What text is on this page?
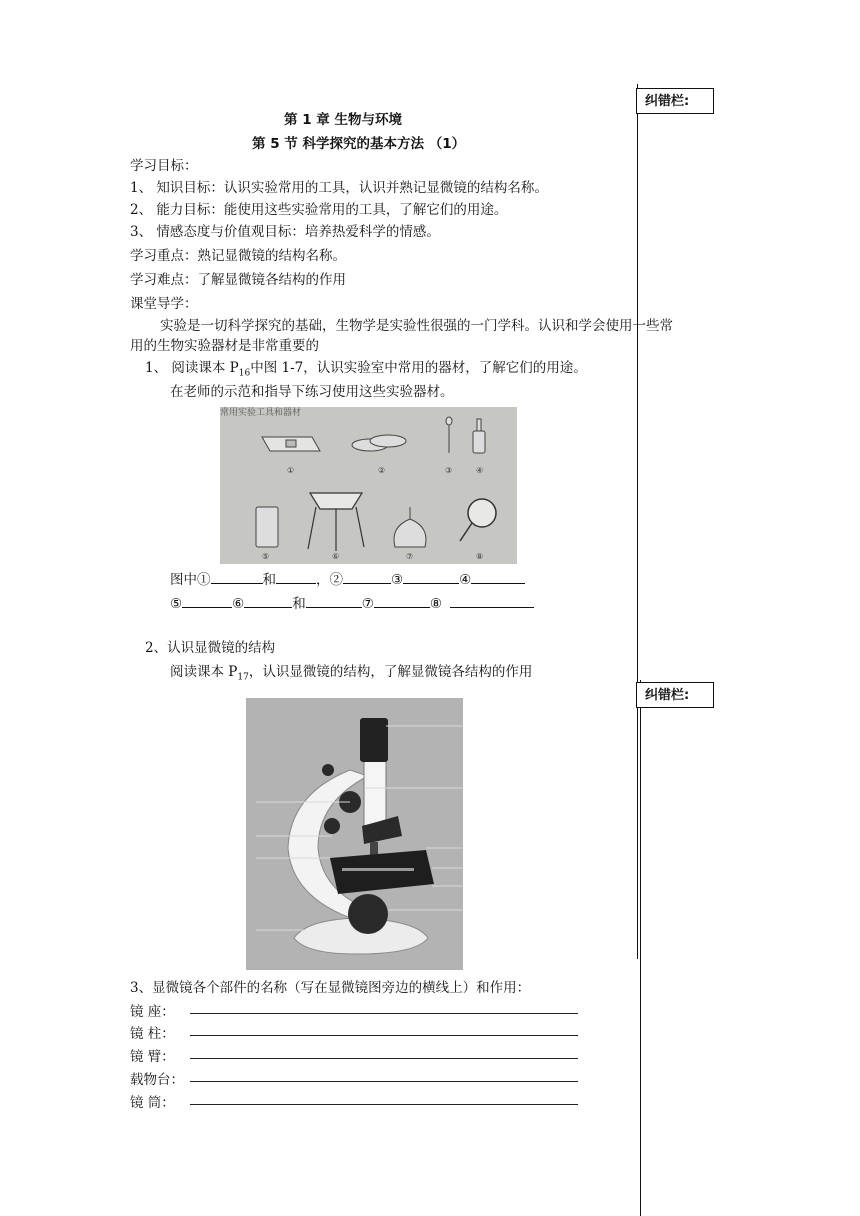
纠错栏:
纠错栏:
第 1 章 生物与环境
第 5 节 科学探究的基本方法 （1）
学习目标：
1、 知识目标：认识实验常用的工具，认识并熟记显微镜的结构名称。
2、 能力目标：能使用这些实验常用的工具，了解它们的用途。
3、 情感态度与价值观目标：培养热爱科学的情感。
学习重点：熟记显微镜的结构名称。
学习难点：了解显微镜各结构的作用
课堂导学：
实验是一切科学探究的基础，生物学是实验性很强的一门学科。认识和学会使用一些常
用的生物实验器材是非常重要的
1、 阅读课本 $P_{16}$中图 1-7，认识实验室中常用的器材，了解它们的用途。
在老师的示范和指导下练习使用这些实验器材。
常用实验工具和器材
①	②	③	④
⑤	⑥	⑦	⑧
图中①	和	，②	③	④
⑤	⑥	和	⑦	⑧
2、认识显微镜的结构
阅读课本 $P_{17}$，认识显微镜的结构，了解显微镜各结构的作用
3、显微镜各个部件的名称（写在显微镜图旁边的横线上）和作用：
镜 座：
镜 柱：
镜 臂：
载物台：
镜 筒：
